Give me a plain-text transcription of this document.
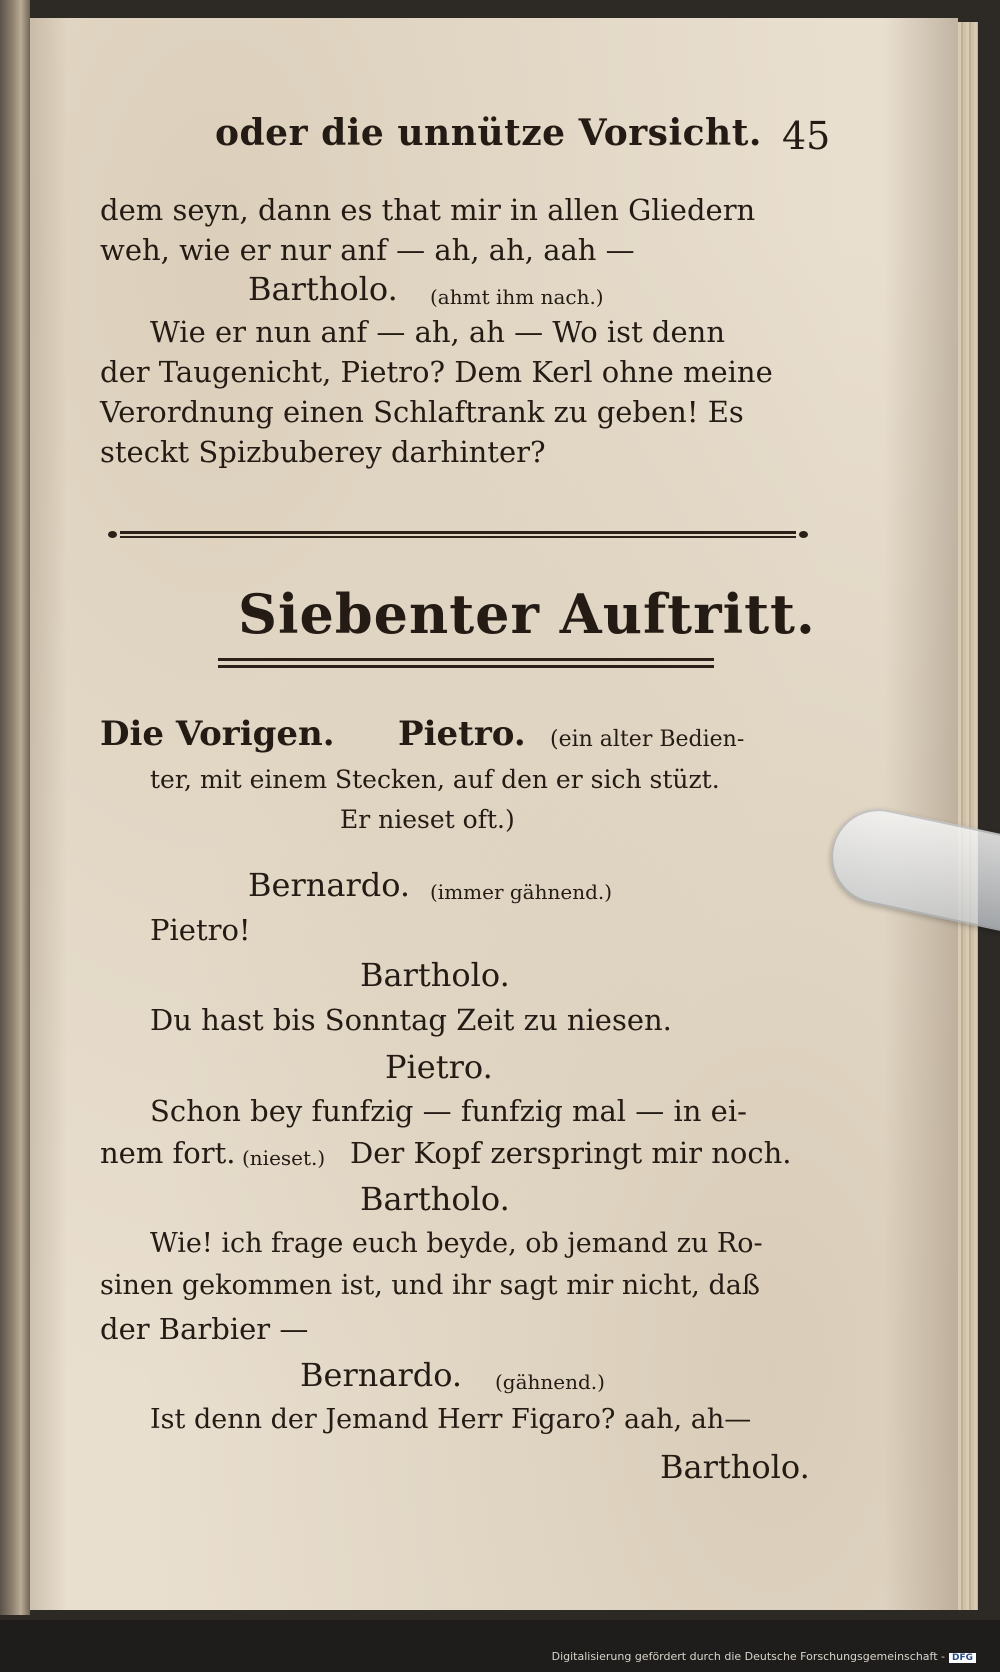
oder die unnütze Vorsicht. 45
dem seyn, dann es that mir in allen Gliedern
weh, wie er nur anf — ah, ah, aah —
Bartholo. (ahmt ihm nach.)
Wie er nun anf — ah, ah — Wo ist denn
der Taugenicht, Pietro? Dem Kerl ohne meine
Verordnung einen Schlaftrank zu geben! Es
steckt Spizbuberey darhinter?
Siebenter Auftritt.
Die Vorigen. Pietro. (ein alter Bedien-
ter, mit einem Stecken, auf den er sich stüzt.
Er nieset oft.)
Bernardo. (immer gähnend.)
Pietro!
Bartholo.
Du hast bis Sonntag Zeit zu niesen.
Pietro.
Schon bey funfzig — funfzig mal — in ei-
nem fort. (nieset.) Der Kopf zerspringt mir noch.
Bartholo.
Wie! ich frage euch beyde, ob jemand zu Ro-
sinen gekommen ist, und ihr sagt mir nicht, daß
der Barbier —
Bernardo. (gähnend.)
Ist denn der Jemand Herr Figaro? aah, ah—
Bartholo.
Digitalisierung gefördert durch die Deutsche Forschungsgemeinschaft - DFG
